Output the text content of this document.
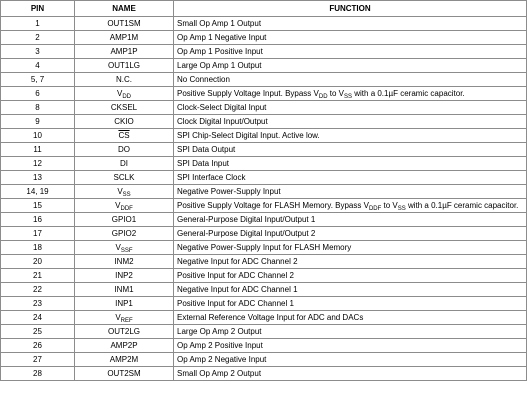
PIN	NAME	FUNCTION
1	OUT1SM	Small Op Amp 1 Output
2	AMP1M	Op Amp 1 Negative Input
3	AMP1P	Op Amp 1 Positive Input
4	OUT1LG	Large Op Amp 1 Output
5, 7	N.C.	No Connection
6	$V_{DD}$	Positive Supply Voltage Input. Bypass $V_{DD}$ to $V_{SS}$ with a 0.1µF ceramic capacitor.
8	CKSEL	Clock-Select Digital Input
9	CKIO	Clock Digital Input/Output
10	$\overline{CS}$	SPI Chip-Select Digital Input. Active low.
11	DO	SPI Data Output
12	DI	SPI Data Input
13	SCLK	SPI Interface Clock
14, 19	$V_{SS}$	Negative Power-Supply Input
15	$V_{DDF}$	Positive Supply Voltage for FLASH Memory. Bypass $V_{DDF}$ to $V_{SS}$ with a 0.1µF ceramic capacitor.
16	GPIO1	General-Purpose Digital Input/Output 1
17	GPIO2	General-Purpose Digital Input/Output 2
18	$V_{SSF}$	Negative Power-Supply Input for FLASH Memory
20	INM2	Negative Input for ADC Channel 2
21	INP2	Positive Input for ADC Channel 2
22	INM1	Negative Input for ADC Channel 1
23	INP1	Positive Input for ADC Channel 1
24	$V_{REF}$	External Reference Voltage Input for ADC and DACs
25	OUT2LG	Large Op Amp 2 Output
26	AMP2P	Op Amp 2 Positive Input
27	AMP2M	Op Amp 2 Negative Input
28	OUT2SM	Small Op Amp 2 Output
